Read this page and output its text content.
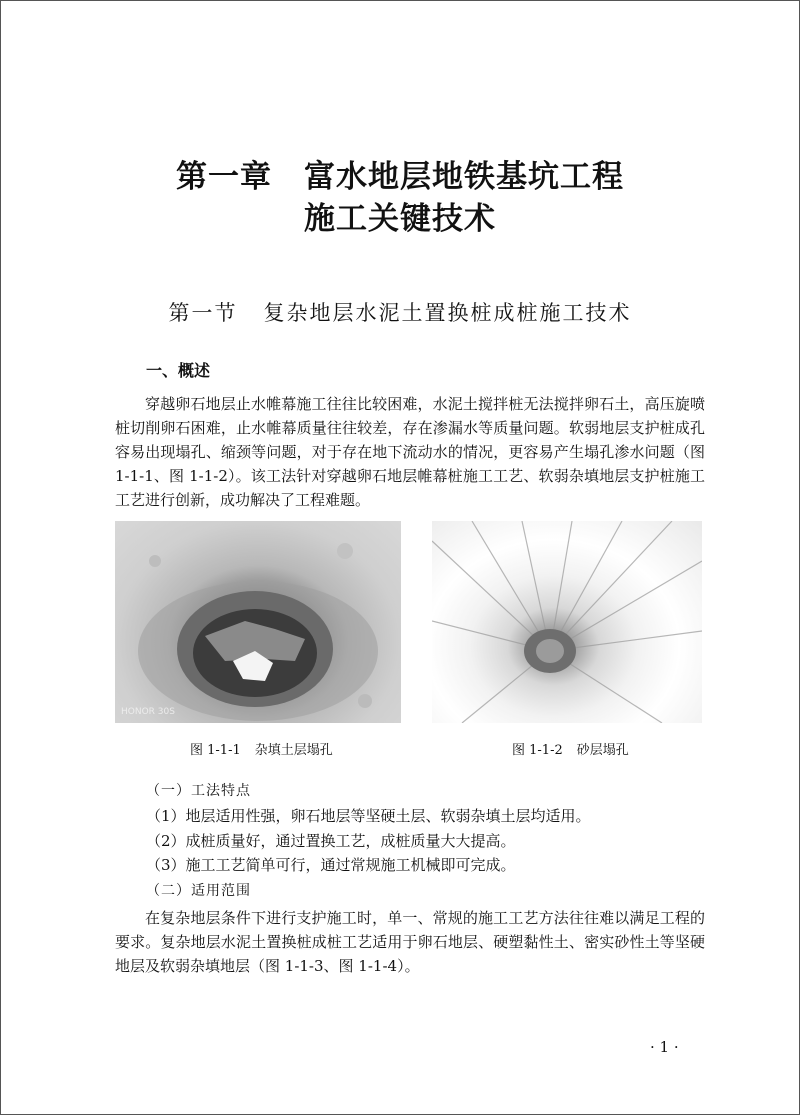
第一章 富水地层地铁基坑工程
施工关键技术
第一节 复杂地层水泥土置换桩成桩施工技术
一、概述

穿越卵石地层止水帷幕施工往往比较困难，水泥土搅拌桩无法搅拌卵石土，高压旋喷桩切削卵石困难，止水帷幕质量往往较差，存在渗漏水等质量问题。软弱地层支护桩成孔容易出现塌孔、缩颈等问题，对于存在地下流动水的情况，更容易产生塌孔渗水问题（图 1-1-1、图 1-1-2）。该工法针对穿越卵石地层帷幕桩施工工艺、软弱杂填地层支护桩施工工艺进行创新，成功解决了工程难题。

HONOR 30S
图 1-1-1 杂填土层塌孔	图 1-1-2 砂层塌孔
（一）工法特点
（1）地层适用性强，卵石地层等坚硬土层、软弱杂填土层均适用。
（2）成桩质量好，通过置换工艺，成桩质量大大提高。
（3）施工工艺简单可行，通过常规施工机械即可完成。
（二）适用范围

在复杂地层条件下进行支护施工时，单一、常规的施工工艺方法往往难以满足工程的要求。复杂地层水泥土置换桩成桩工艺适用于卵石地层、硬塑黏性土、密实砂性土等坚硬地层及软弱杂填地层（图 1-1-3、图 1-1-4）。

· 1 ·
